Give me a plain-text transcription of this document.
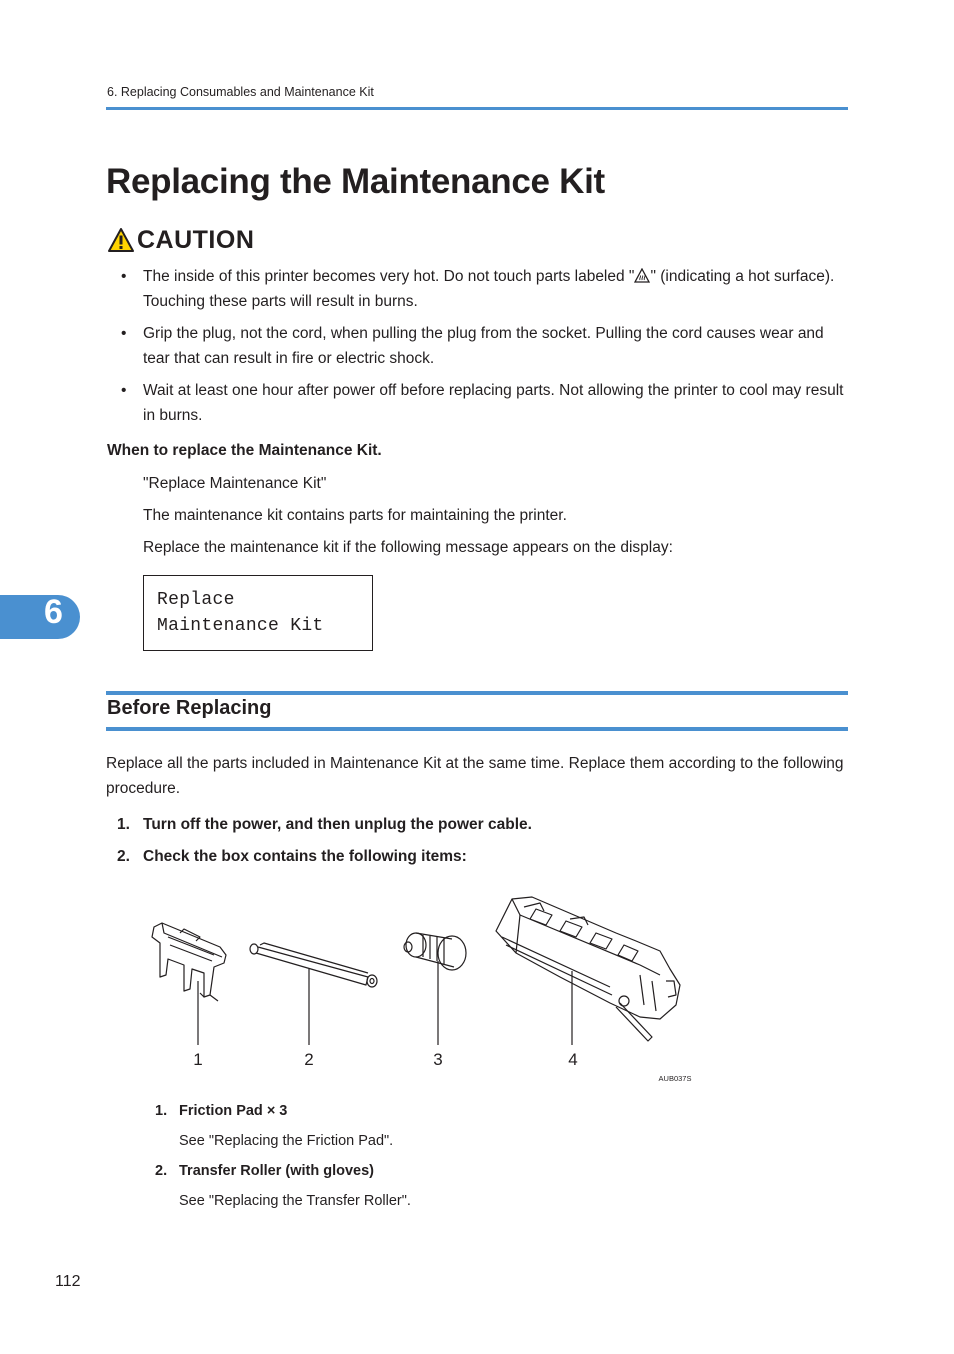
6. Replacing Consumables and Maintenance Kit
Replacing the Maintenance Kit
CAUTION
• The inside of this printer becomes very hot. Do not touch parts labeled " " (indicating a hot surface). Touching these parts will result in burns.
• Grip the plug, not the cord, when pulling the plug from the socket. Pulling the cord causes wear and tear that can result in fire or electric shock.
• Wait at least one hour after power off before replacing parts. Not allowing the printer to cool may result in burns.
When to replace the Maintenance Kit.
"Replace Maintenance Kit"
The maintenance kit contains parts for maintaining the printer.
Replace the maintenance kit if the following message appears on the display:
Replace
Maintenance Kit
6
Before Replacing
Replace all the parts included in Maintenance Kit at the same time. Replace them according to the following procedure.
1. Turn off the power, and then unplug the power cable.
2. Check the box contains the following items:
1	2	3	4
AUB037S
1. Friction Pad × 3
See "Replacing the Friction Pad".
2. Transfer Roller (with gloves)
See "Replacing the Transfer Roller".
112
